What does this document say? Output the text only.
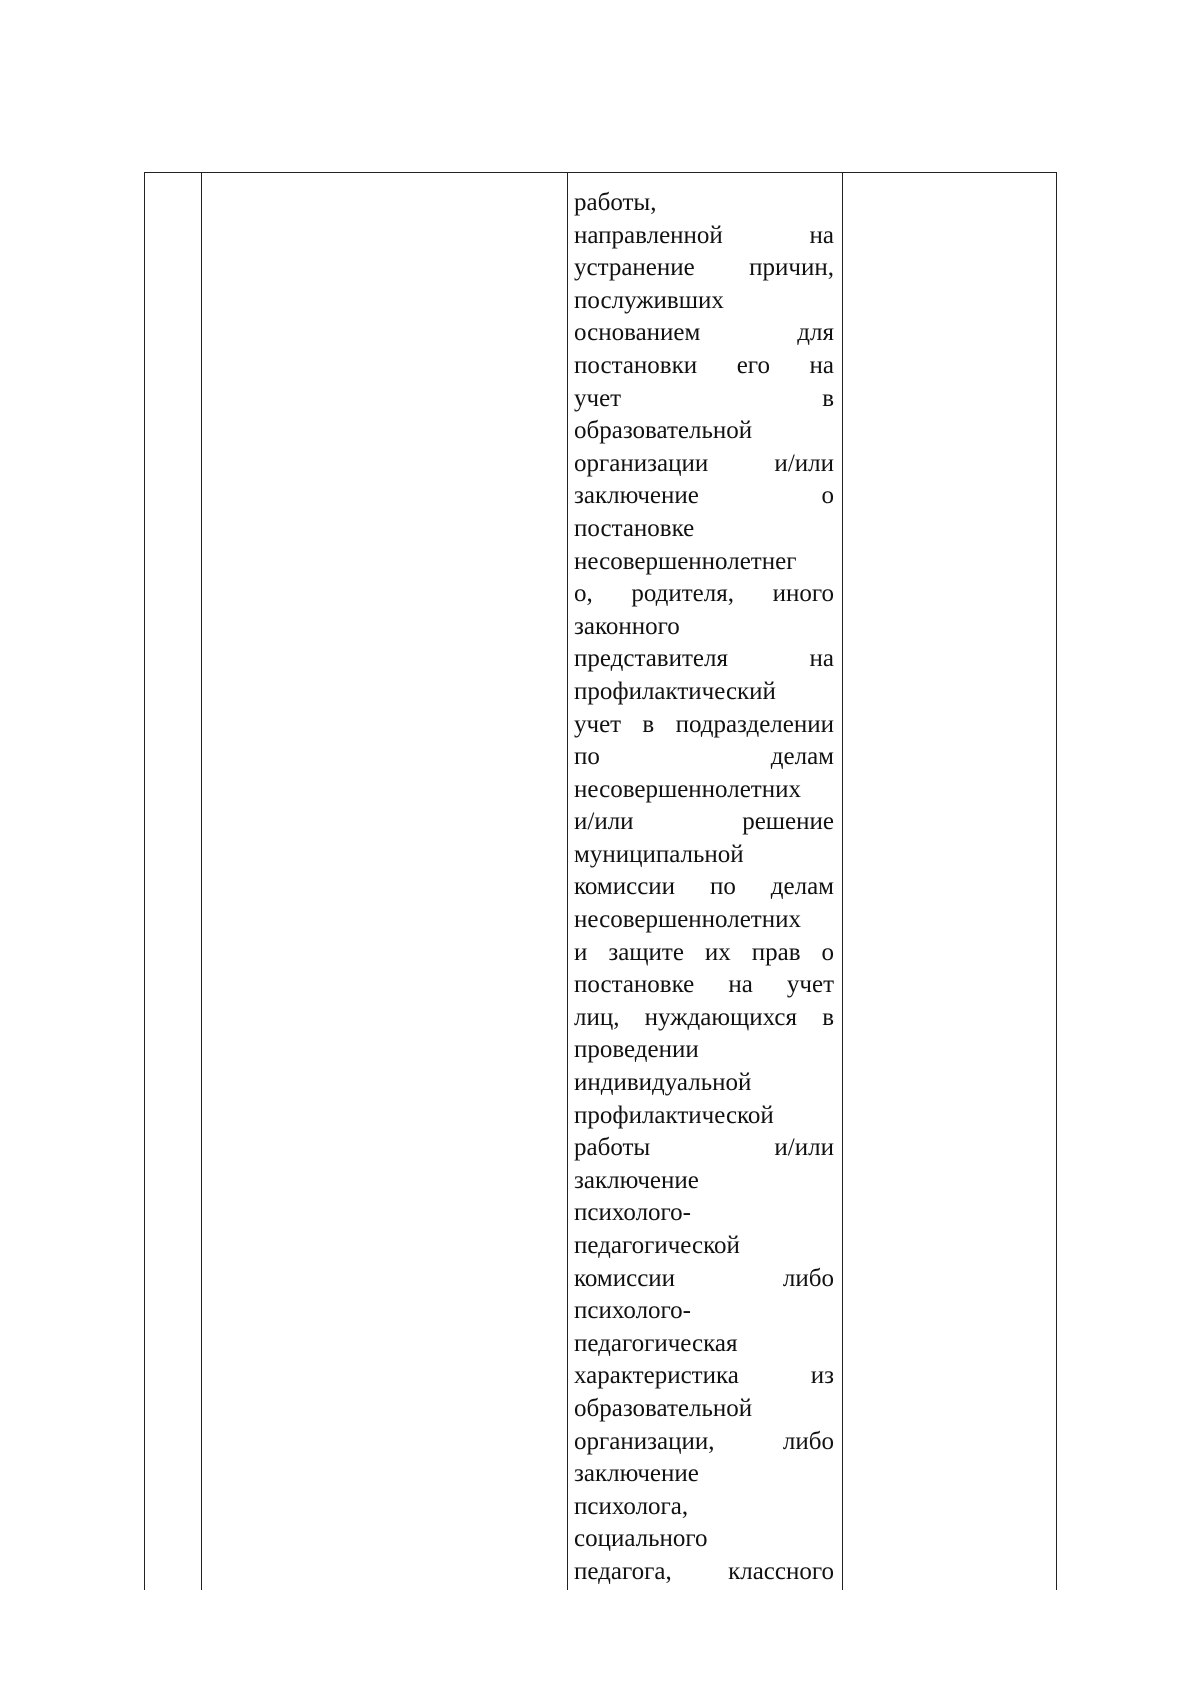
работы,
направленной на
устранение причин,
послуживших
основанием для
постановки его на
учет в
образовательной
организации и/или
заключение о
постановке
несовершеннолетнег
о, родителя, иного
законного
представителя на
профилактический
учет в подразделении
по делам
несовершеннолетних
и/или решение
муниципальной
комиссии по делам
несовершеннолетних
и защите их прав о
постановке на учет
лиц, нуждающихся в
проведении
индивидуальной
профилактической
работы и/или
заключение
психолого-
педагогической
комиссии либо
психолого-
педагогическая
характеристика из
образовательной
организации, либо
заключение
психолога,
социального
педагога, классного
